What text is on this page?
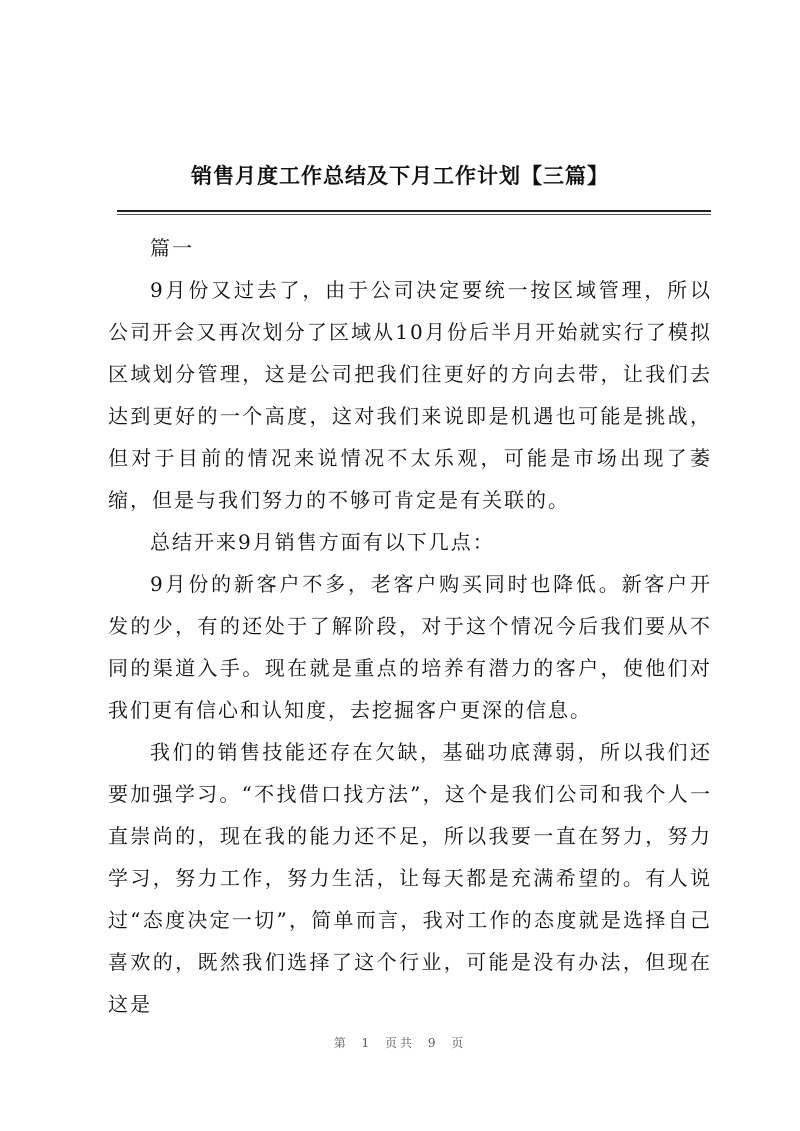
销售月度工作总结及下月工作计划【三篇】

篇一

9月份又过去了，由于公司决定要统一按区域管理，所以公司开会又再次划分了区域从10月份后半月开始就实行了模拟区域划分管理，这是公司把我们往更好的方向去带，让我们去达到更好的一个高度，这对我们来说即是机遇也可能是挑战，但对于目前的情况来说情况不太乐观，可能是市场出现了萎缩，但是与我们努力的不够可肯定是有关联的。

总结开来9月销售方面有以下几点：

9月份的新客户不多，老客户购买同时也降低。新客户开发的少，有的还处于了解阶段，对于这个情况今后我们要从不同的渠道入手。现在就是重点的培养有潜力的客户，使他们对我们更有信心和认知度，去挖掘客户更深的信息。

我们的销售技能还存在欠缺，基础功底薄弱，所以我们还要加强学习。“不找借口找方法”，这个是我们公司和我个人一直崇尚的，现在我的能力还不足，所以我要一直在努力，努力学习，努力工作，努力生活，让每天都是充满希望的。有人说过“态度决定一切”，简单而言，我对工作的态度就是选择自己喜欢的，既然我们选择了这个行业，可能是没有办法，但现在这是

第 1 页共 9 页
